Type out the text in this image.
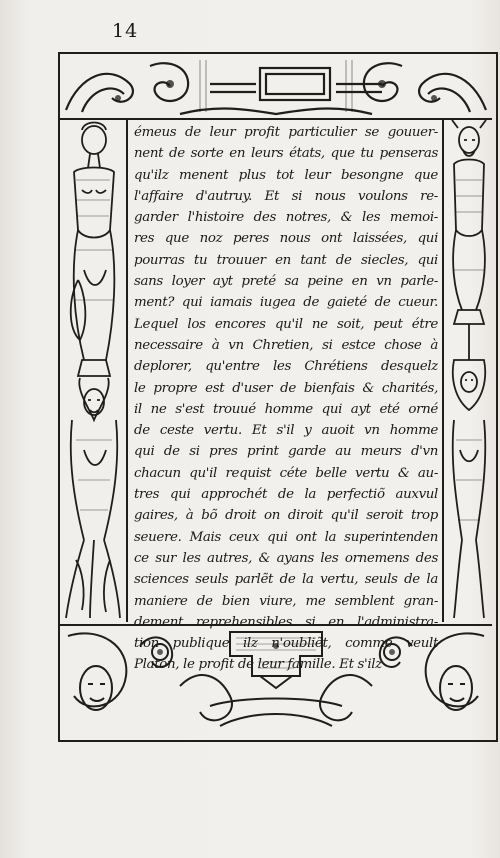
14
émeus de leur profit particulier se gouuer-
nent de sorte en leurs états, que tu penseras
qu'ilz menent plus tot leur besongne que
l'affaire d'autruy. Et si nous voulons re-
garder l'histoire des notres, & les memoi-
res que noz peres nous ont laissées, qui
pourras tu trouuer en tant de siecles, qui
sans loyer ayt preté sa peine en vn parle-
ment? qui iamais iugea de gaieté de cueur.
Lequel los encores qu'il ne soit, peut étre
necessaire à vn Chretien, si estce chose à
deplorer, qu'entre les Chrétiens desquelz
le propre est d'user de bienfais & charités,
il ne s'est trouué homme qui ayt eté orné
de ceste vertu. Et s'il y auoit vn homme
qui de si pres print garde au meurs d'vn
chacun qu'il requist céte belle vertu & au-
tres qui approchét de la perfectiõ auxvul
gaires, à bõ droit on diroit qu'il seroit trop
seuere. Mais ceux qui ont la superintenden
ce sur les autres, & ayans les ornemens des
sciences seuls parlẽt de la vertu, seuls de la
maniere de bien viure, me semblent gran-
dement reprehensibles si en l'administra-
tion publique ilz n'oubliẽt, comme veult
Platon, le profit de leur famille. Et s'ilz
